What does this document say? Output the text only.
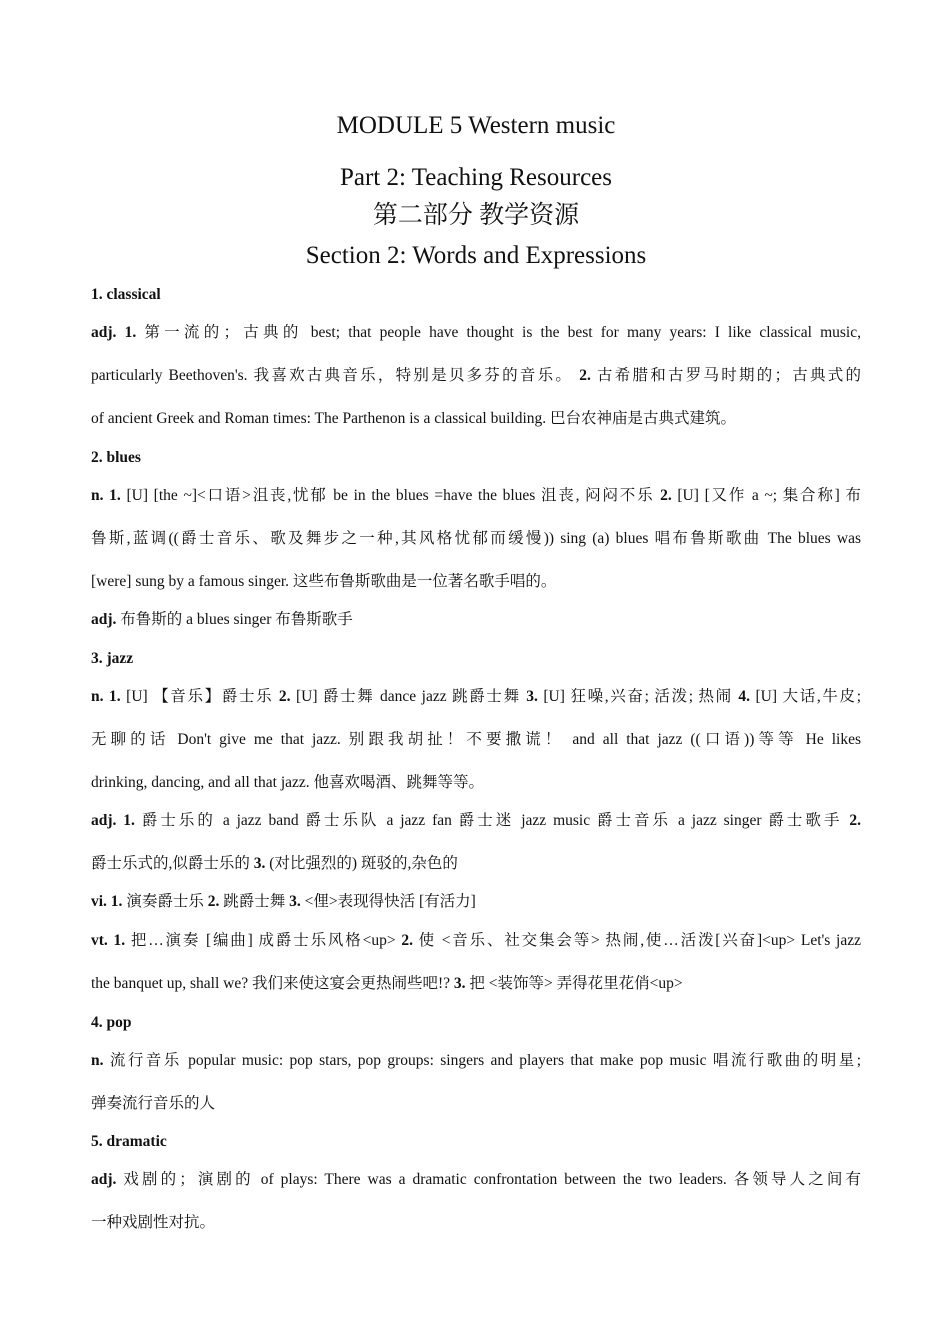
MODULE 5 Western music
Part 2: Teaching Resources
第二部分 教学资源
Section 2: Words and Expressions
1. classical
adj. 1. 第一流的；古典的 best; that people have thought is the best for many years: I like classical music,
particularly Beethoven's. 我喜欢古典音乐，特别是贝多芬的音乐。 2. 古希腊和古罗马时期的；古典式的
of ancient Greek and Roman times: The Parthenon is a classical building. 巴台农神庙是古典式建筑。
2. blues
n. 1. [U] [the ~]<口语>沮丧,忧郁 be in the blues =have the blues 沮丧, 闷闷不乐 2. [U] [又作 a ~; 集合称] 布
鲁斯,蓝调((爵士音乐、歌及舞步之一种,其风格忧郁而缓慢)) sing (a) blues 唱布鲁斯歌曲 The blues was
[were] sung by a famous singer. 这些布鲁斯歌曲是一位著名歌手唱的。
adj. 布鲁斯的 a blues singer 布鲁斯歌手
3. jazz
n. 1. [U] 【音乐】爵士乐 2. [U] 爵士舞 dance jazz 跳爵士舞 3. [U] 狂噪,兴奋; 活泼; 热闹 4. [U] 大话,牛皮;
无聊的话 Don't give me that jazz. 别跟我胡扯！不要撒谎！ and all that jazz ((口语))等等 He likes
drinking, dancing, and all that jazz. 他喜欢喝酒、跳舞等等。
adj. 1. 爵士乐的 a jazz band 爵士乐队 a jazz fan 爵士迷 jazz music 爵士音乐 a jazz singer 爵士歌手 2.
爵士乐式的,似爵士乐的 3. (对比强烈的) 斑驳的,杂色的
vi. 1. 演奏爵士乐 2. 跳爵士舞 3. <俚>表现得快活 [有活力]
vt. 1. 把…演奏 [编曲] 成爵士乐风格<up> 2. 使 <音乐、社交集会等> 热闹,使…活泼[兴奋]<up> Let's jazz
the banquet up, shall we? 我们来使这宴会更热闹些吧!? 3. 把 <装饰等> 弄得花里花俏<up>
4. pop
n. 流行音乐 popular music: pop stars, pop groups: singers and players that make pop music 唱流行歌曲的明星;
弹奏流行音乐的人
5. dramatic
adj. 戏剧的；演剧的 of plays: There was a dramatic confrontation between the two leaders. 各领导人之间有
一种戏剧性对抗。
